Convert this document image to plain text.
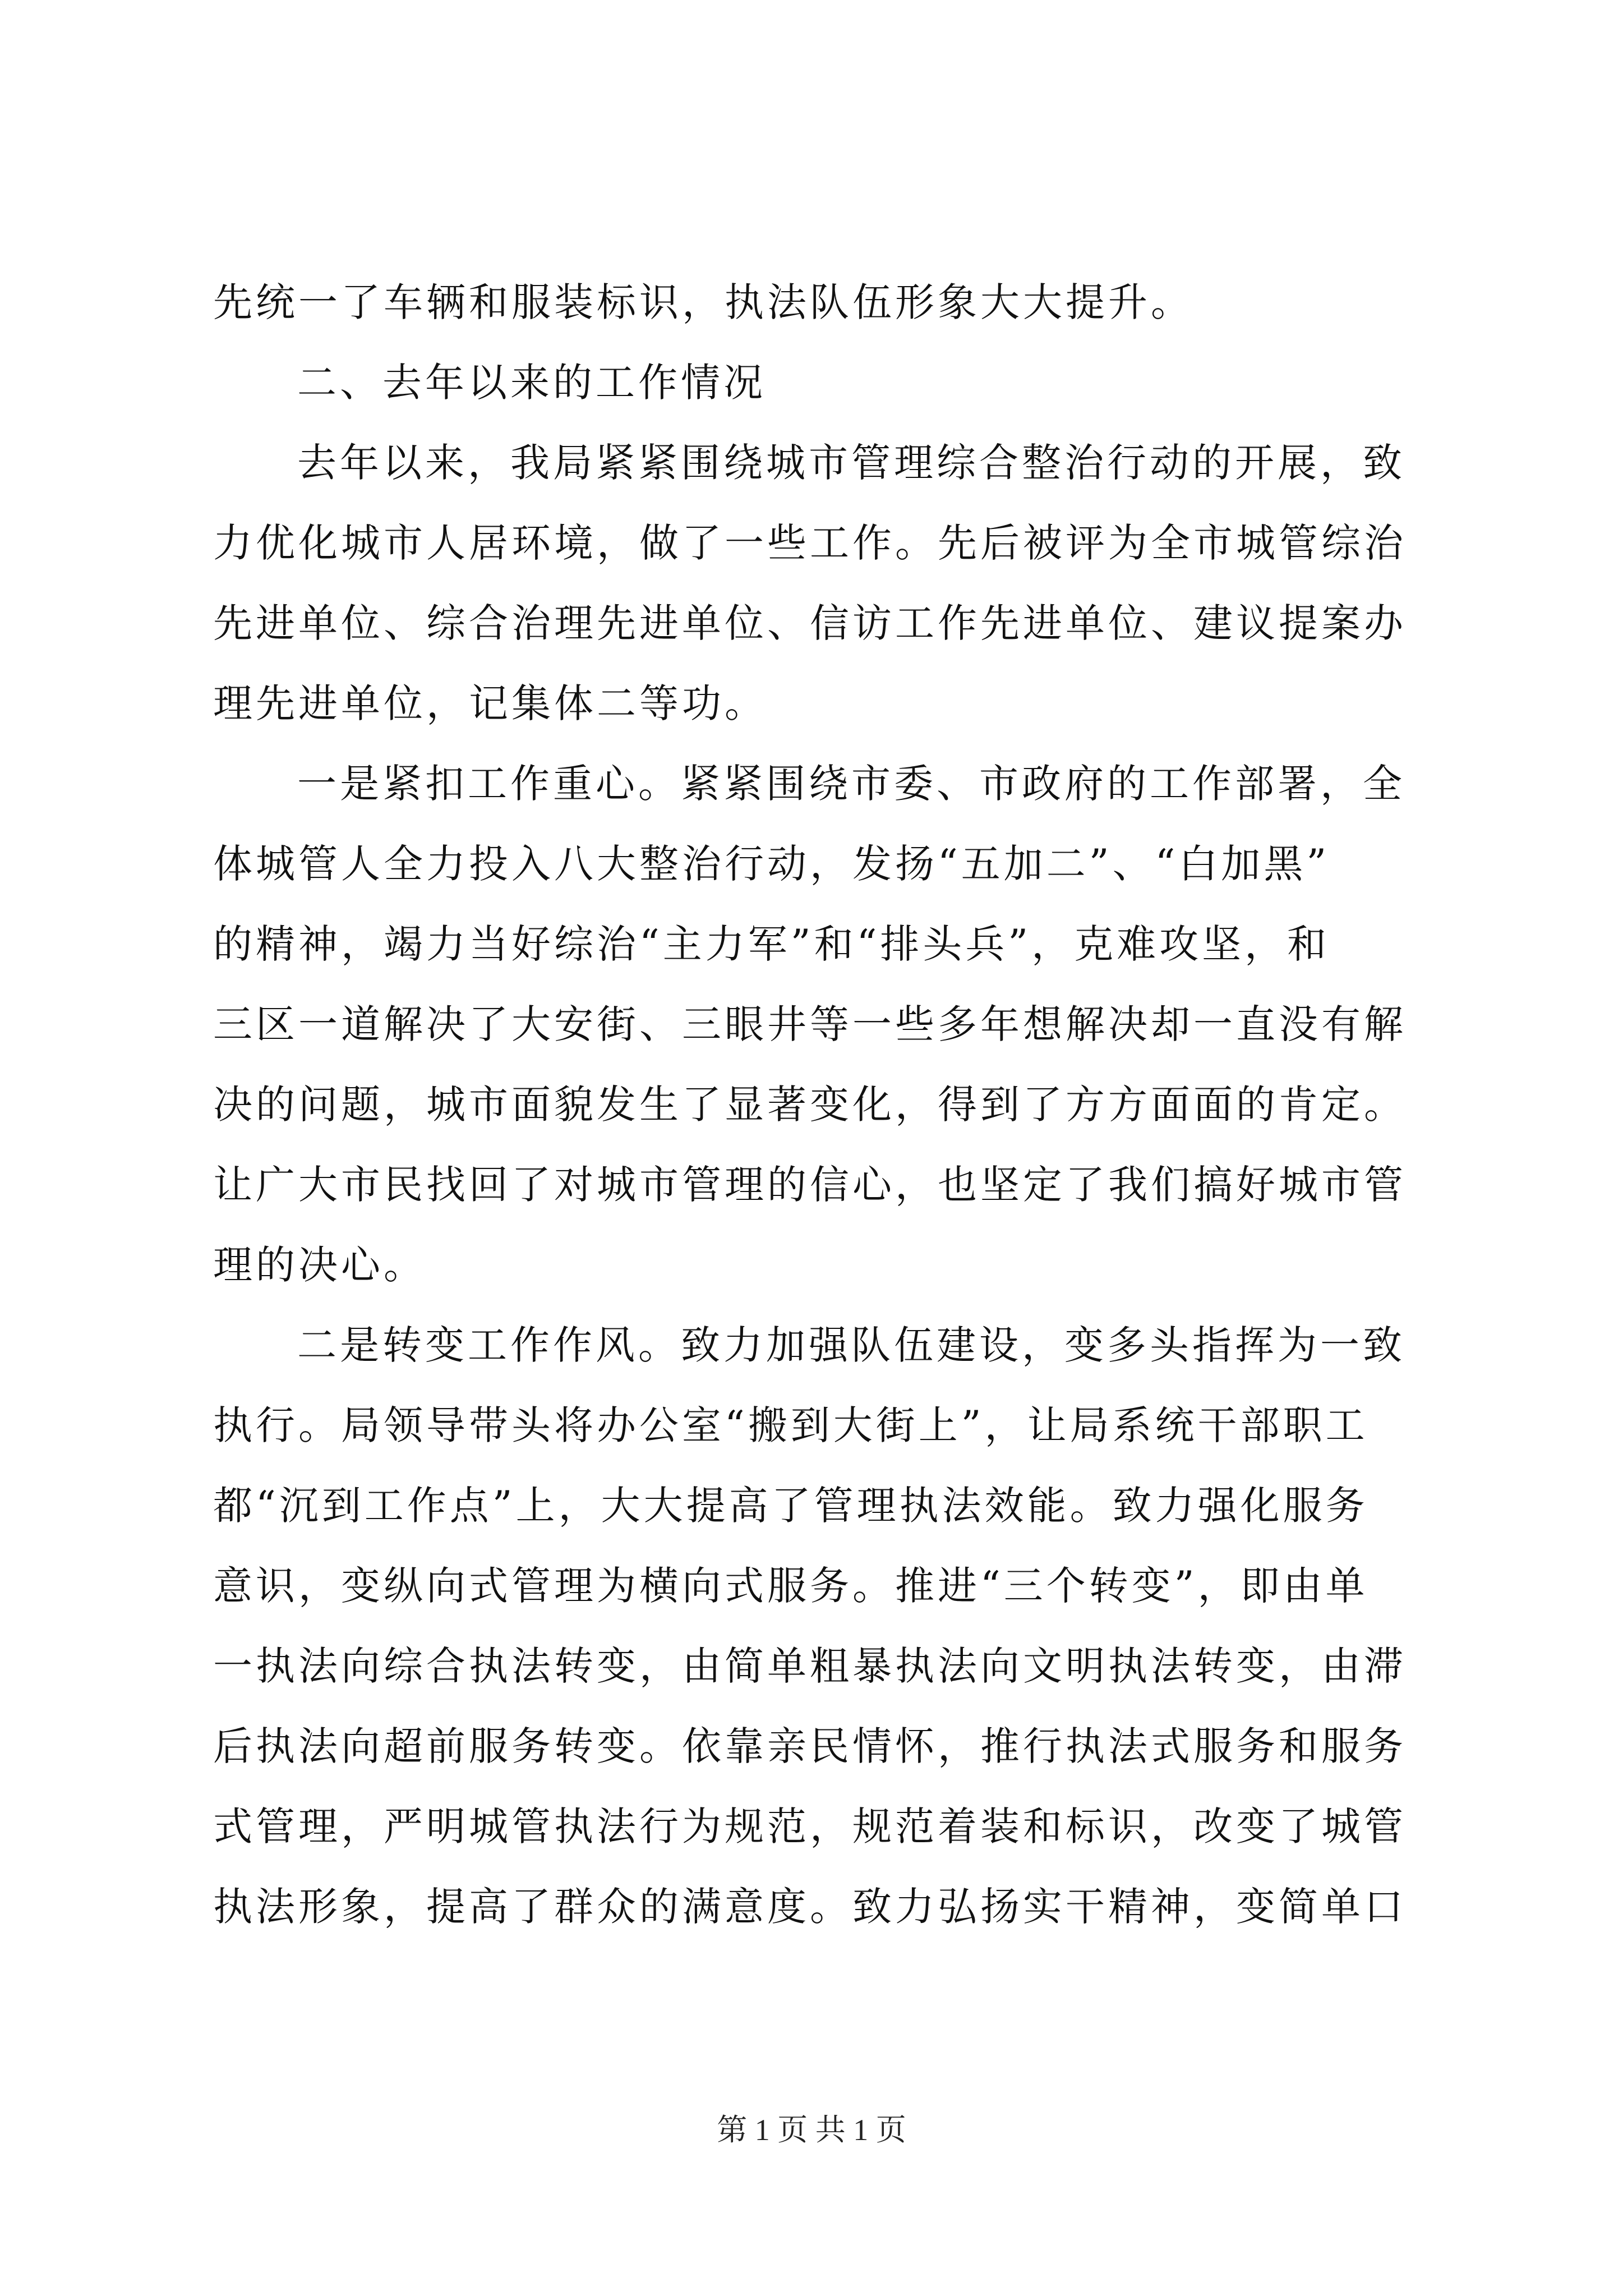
先统一了车辆和服装标识，执法队伍形象大大提升。
二、去年以来的工作情况
去年以来，我局紧紧围绕城市管理综合整治行动的开展，致
力优化城市人居环境，做了一些工作。先后被评为全市城管综治
先进单位、综合治理先进单位、信访工作先进单位、建议提案办
理先进单位，记集体二等功。
一是紧扣工作重心。紧紧围绕市委、市政府的工作部署，全
体城管人全力投入八大整治行动，发扬“五加二”、“白加黑”
的精神，竭力当好综治“主力军”和“排头兵”，克难攻坚，和
三区一道解决了大安街、三眼井等一些多年想解决却一直没有解
决的问题，城市面貌发生了显著变化，得到了方方面面的肯定。
让广大市民找回了对城市管理的信心，也坚定了我们搞好城市管
理的决心。
二是转变工作作风。致力加强队伍建设，变多头指挥为一致
执行。局领导带头将办公室“搬到大街上”，让局系统干部职工
都“沉到工作点”上，大大提高了管理执法效能。致力强化服务
意识，变纵向式管理为横向式服务。推进“三个转变”，即由单
一执法向综合执法转变，由简单粗暴执法向文明执法转变，由滞
后执法向超前服务转变。依靠亲民情怀，推行执法式服务和服务
式管理，严明城管执法行为规范，规范着装和标识，改变了城管
执法形象，提高了群众的满意度。致力弘扬实干精神，变简单口
第 1 页 共 1 页
